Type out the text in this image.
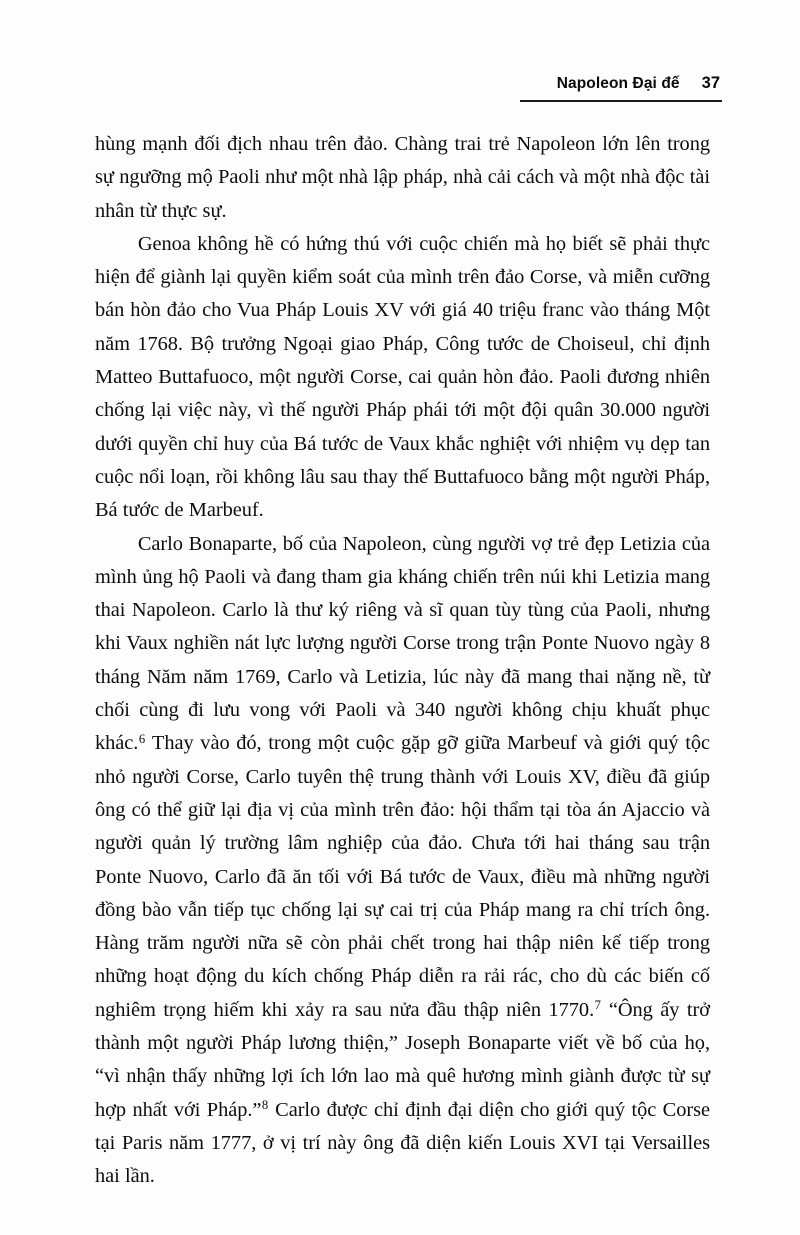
Napoleon Đại đế 37

hùng mạnh đối địch nhau trên đảo. Chàng trai trẻ Napoleon lớn lên trong sự ngưỡng mộ Paoli như một nhà lập pháp, nhà cải cách và một nhà độc tài nhân từ thực sự.

Genoa không hề có hứng thú với cuộc chiến mà họ biết sẽ phải thực hiện để giành lại quyền kiểm soát của mình trên đảo Corse, và miễn cưỡng bán hòn đảo cho Vua Pháp Louis XV với giá 40 triệu franc vào tháng Một năm 1768. Bộ trưởng Ngoại giao Pháp, Công tước de Choiseul, chỉ định Matteo Buttafuoco, một người Corse, cai quản hòn đảo. Paoli đương nhiên chống lại việc này, vì thế người Pháp phái tới một đội quân 30.000 người dưới quyền chỉ huy của Bá tước de Vaux khắc nghiệt với nhiệm vụ dẹp tan cuộc nổi loạn, rồi không lâu sau thay thế Buttafuoco bằng một người Pháp, Bá tước de Marbeuf.

Carlo Bonaparte, bố của Napoleon, cùng người vợ trẻ đẹp Letizia của mình ủng hộ Paoli và đang tham gia kháng chiến trên núi khi Letizia mang thai Napoleon. Carlo là thư ký riêng và sĩ quan tùy tùng của Paoli, nhưng khi Vaux nghiền nát lực lượng người Corse trong trận Ponte Nuovo ngày 8 tháng Năm năm 1769, Carlo và Letizia, lúc này đã mang thai nặng nề, từ chối cùng đi lưu vong với Paoli và 340 người không chịu khuất phục khác.$^6$ Thay vào đó, trong một cuộc gặp gỡ giữa Marbeuf và giới quý tộc nhỏ người Corse, Carlo tuyên thệ trung thành với Louis XV, điều đã giúp ông có thể giữ lại địa vị của mình trên đảo: hội thẩm tại tòa án Ajaccio và người quản lý trường lâm nghiệp của đảo. Chưa tới hai tháng sau trận Ponte Nuovo, Carlo đã ăn tối với Bá tước de Vaux, điều mà những người đồng bào vẫn tiếp tục chống lại sự cai trị của Pháp mang ra chỉ trích ông. Hàng trăm người nữa sẽ còn phải chết trong hai thập niên kế tiếp trong những hoạt động du kích chống Pháp diễn ra rải rác, cho dù các biến cố nghiêm trọng hiếm khi xảy ra sau nửa đầu thập niên 1770.$^7$ “Ông ấy trở thành một người Pháp lương thiện,” Joseph Bonaparte viết về bố của họ, “vì nhận thấy những lợi ích lớn lao mà quê hương mình giành được từ sự hợp nhất với Pháp.”$^8$ Carlo được chỉ định đại diện cho giới quý tộc Corse tại Paris năm 1777, ở vị trí này ông đã diện kiến Louis XVI tại Versailles hai lần.
